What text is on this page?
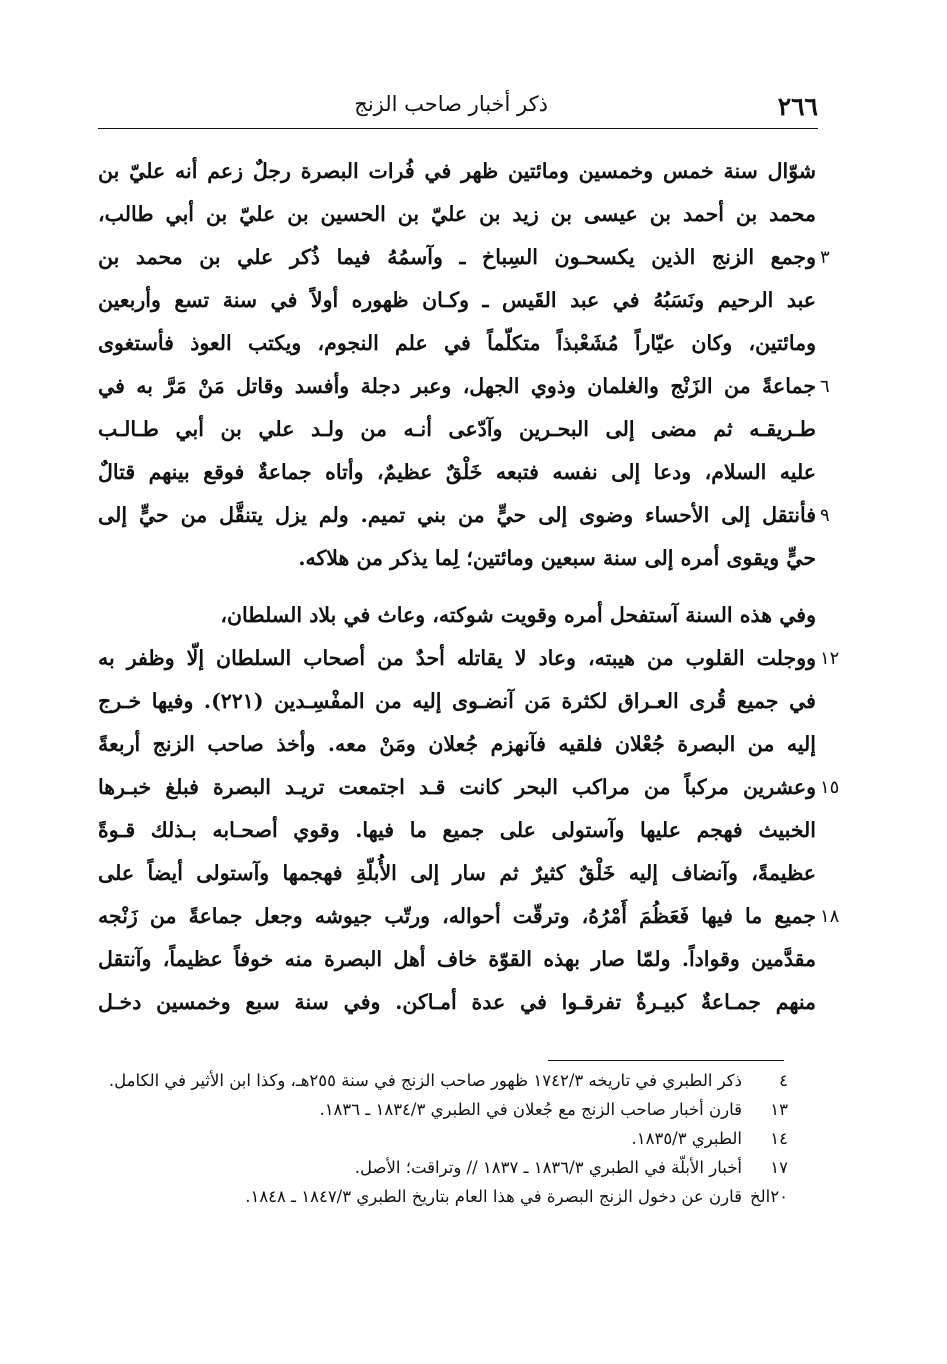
٢٦٦
ذكر أخبار صاحب الزنج
شوّال سنة خمس وخمسين ومائتين ظهر في فُرات البصرة رجلٌ زعم أنه عليّ بن
محمد بن أحمد بن عيسى بن زيد بن عليّ بن الحسين بن عليّ بن أبي طالب،
وجمع الزنج الذين يكسحـون السِباخ ـ وآسمُهُ فيما ذُكر علي بن محمد بن ٣
عبد الرحيم ونَسَبُهُ في عبد القَيس ـ وكـان ظهوره أولاً في سنة تسع وأربعين
ومائتين، وكان عيّاراً مُشَعْبذاً متكلّماً في علم النجوم، ويكتب العوذ فأستغوى
جماعةً من الزَنْج والغلمان وذوي الجهل، وعبر دجلة وأفسد وقاتل مَنْ مَرَّ به في ٦
طـريقـه ثم مضى إلى البحـرين وآدّعى أنـه من ولـد علي بن أبي طـالـب
عليه السلام، ودعا إلى نفسه فتبعه خَلْقٌ عظيمٌ، وأتاه جماعةٌ فوقع بينهم قتالٌ
فأنتقل إلى الأحساء وضوى إلى حيٍّ من بني تميم. ولم يزل يتنقَّل من حيٍّ إلى ٩
حيٍّ ويقوى أمره إلى سنة سبعين ومائتين؛ لِما يذكر من هلاكه.
وفي هذه السنة آستفحل أمره وقويت شوكته، وعاث في بلاد السلطان،
ووجلت القلوب من هيبته، وعاد لا يقاتله أحدٌ من أصحاب السلطان إلّا وظفر به ١٢
في جميع قُرى العـراق لكثرة مَن آنضـوى إليه من المفْسِـدين (٢٢١). وفيها خـرج
إليه من البصرة جُعْلان فلقيه فآنهزم جُعلان ومَنْ معه. وأخذ صاحب الزنج أربعةً
وعشرين مركباً من مراكب البحر كانت قـد اجتمعت تريـد البصرة فبلغ خبـرها ١٥
الخبيث فهجم عليها وآستولى على جميع ما فيها. وقوي أصحـابه بـذلك قـوةً
عظيمةً، وآنضاف إليه خَلْقٌ كثيرٌ ثم سار إلى الأُبلّةِ فهجمها وآستولى أيضاً على
جميع ما فيها فَعَظُمَ أَمْرُهُ، وترقّت أحواله، ورتّب جيوشه وجعل جماعةً من زَنْجه ١٨
مقدَّمين وقواداً. ولمّا صار بهذه القوّة خاف أهل البصرة منه خوفاً عظيماً، وآنتقل
منهم جمـاعةٌ كبيـرةٌ تفرقـوا في عدة أمـاكن. وفي سنة سبع وخمسين دخـل
٤
ذكر الطبري في تاريخه ١٧٤٢/٣ ظهور صاحب الزنج في سنة ٢٥٥هـ، وكذا ابن الأثير في الكامل.
١٣
قارن أخبار صاحب الزنج مع جُعلان في الطبري ١٨٣٤/٣ ـ ١٨٣٦.
١٤
الطبري ١٨٣٥/٣.
١٧
أخبار الأبلّة في الطبري ١٨٣٦/٣ ـ ١٨٣٧ // وتراقت؛ الأصل.
٢٠الخ
قارن عن دخول الزنج البصرة في هذا العام بتاريخ الطبري ١٨٤٧/٣ ـ ١٨٤٨.
